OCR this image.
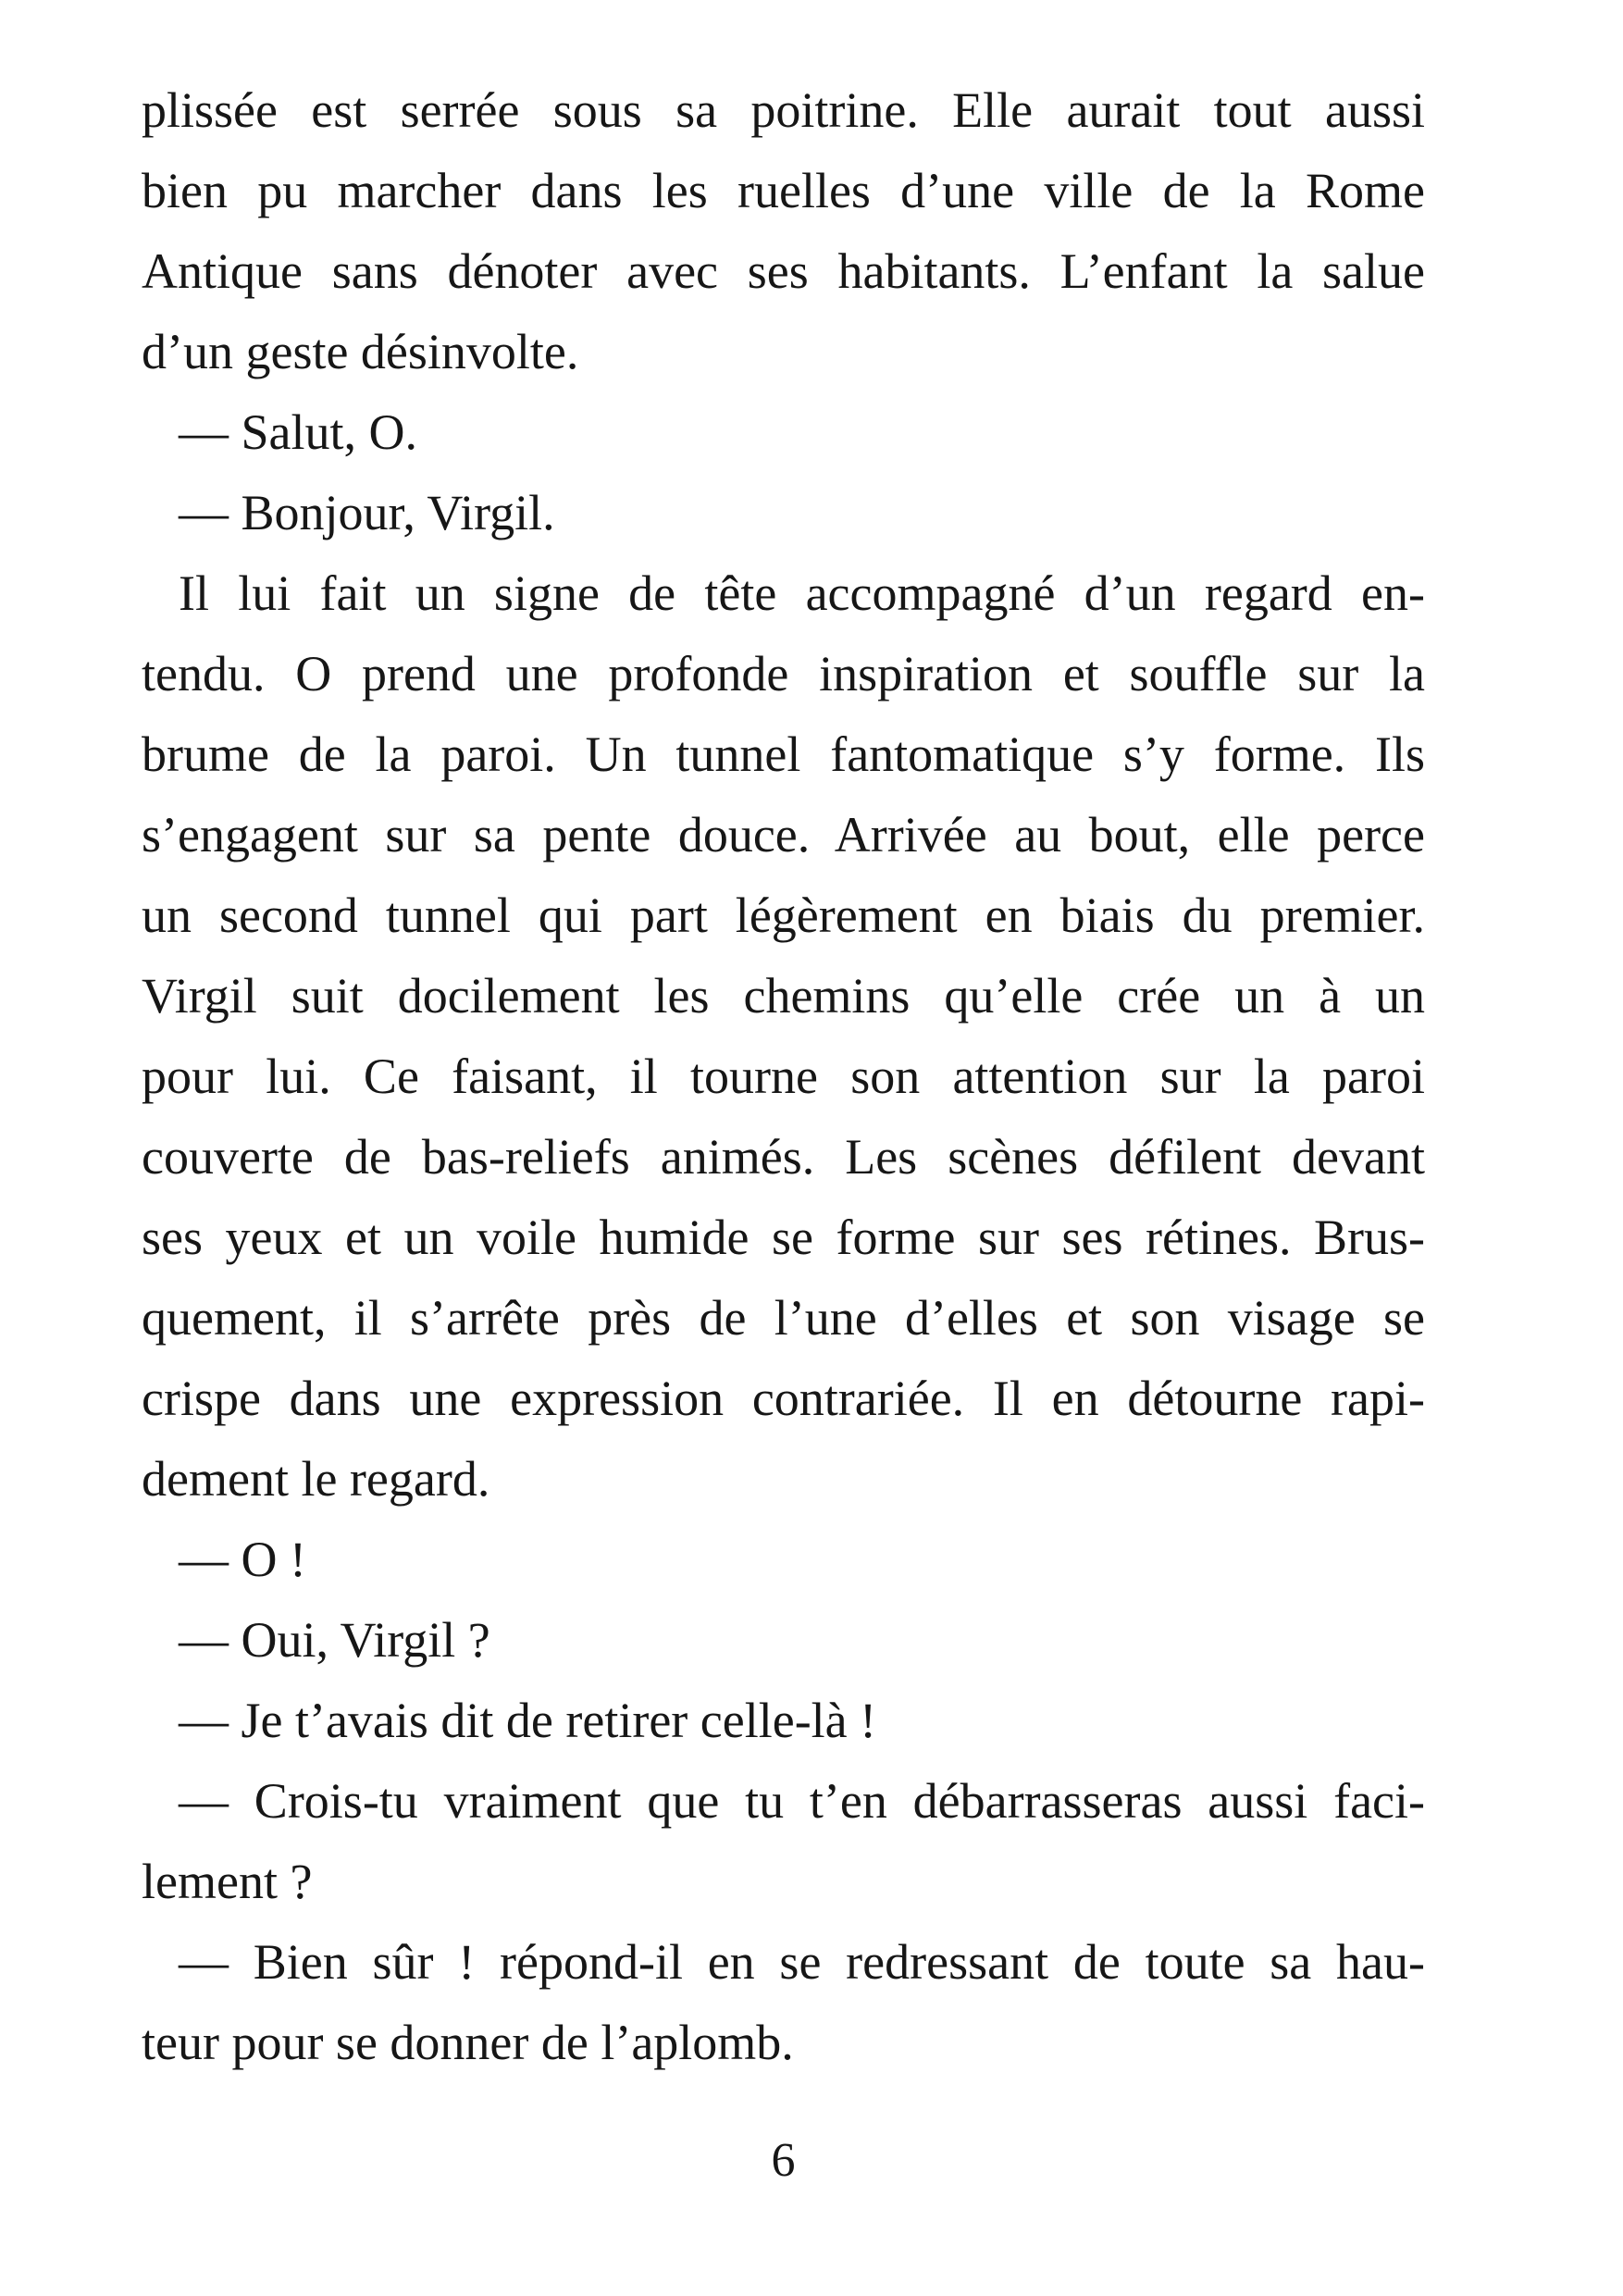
plissée est serrée sous sa poitrine. Elle aurait tout aussi
bien pu marcher dans les ruelles d’une ville de la Rome
Antique sans dénoter avec ses habitants. L’enfant la salue
d’un geste désinvolte.
— Salut, O.
— Bonjour, Virgil.
Il lui fait un signe de tête accompagné d’un regard en-
tendu. O prend une profonde inspiration et souffle sur la
brume de la paroi. Un tunnel fantomatique s’y forme. Ils
s’engagent sur sa pente douce. Arrivée au bout, elle perce
un second tunnel qui part légèrement en biais du premier.
Virgil suit docilement les chemins qu’elle crée un à un
pour lui. Ce faisant, il tourne son attention sur la paroi
couverte de bas-reliefs animés. Les scènes défilent devant
ses yeux et un voile humide se forme sur ses rétines. Brus-
quement, il s’arrête près de l’une d’elles et son visage se
crispe dans une expression contrariée. Il en détourne rapi-
dement le regard.
— O !
— Oui, Virgil ?
— Je t’avais dit de retirer celle-là !
— Crois-tu vraiment que tu t’en débarrasseras aussi faci-
lement ?
— Bien sûr ! répond-il en se redressant de toute sa hau-
teur pour se donner de l’aplomb.
6
